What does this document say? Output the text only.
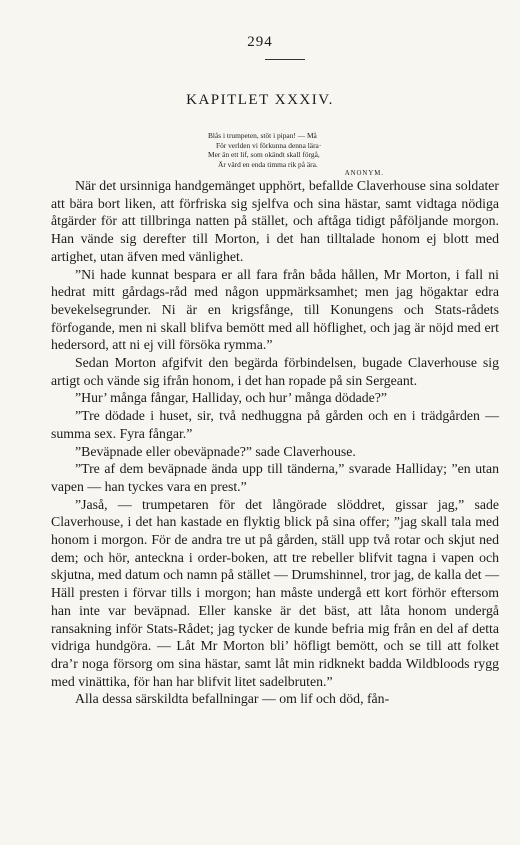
294
KAPITLET XXXIV.
Blås i trumpeten, stöt i pipan! — Må
För verlden vi förkunna denna lära·
Mer än ett lif, som okändt skall förgå,
Är värd en enda timma rik på ära.
ANONYM.

När det ursinniga handgemänget upphört, befallde Claverhouse sina soldater att bära bort liken, att förfriska sig sjelfva och sina hästar, samt vidtaga nödiga åtgärder för att tillbringa natten på stället, och aftåga tidigt påföljande morgon. Han vände sig derefter till Morton, i det han tilltalade honom ej blott med artighet, utan äfven med vänlighet.

”Ni hade kunnat bespara er all fara från båda hållen, Mr Morton, i fall ni hedrat mitt gårdags-råd med någon uppmärksamhet; men jag högaktar edra bevekelsegrunder. Ni är en krigsfånge, till Konungens och Stats-rådets förfogande, men ni skall blifva bemött med all höflighet, och jag är nöjd med ert hedersord, att ni ej vill försöka rymma.”

Sedan Morton afgifvit den begärda förbindelsen, bugade Claverhouse sig artigt och vände sig ifrån honom, i det han ropade på sin Sergeant.

”Hur’ många fångar, Halliday, och hur’ många dödade?”

”Tre dödade i huset, sir, två nedhuggna på gården och en i trädgården — summa sex. Fyra fångar.”

”Beväpnade eller obeväpnade?” sade Claverhouse.

”Tre af dem beväpnade ända upp till tänderna,” svarade Halliday; ”en utan vapen — han tyckes vara en prest.”

”Jaså, — trumpetaren för det långörade slöddret, gissar jag,” sade Claverhouse, i det han kastade en flyktig blick på sina offer; ”jag skall tala med honom i morgon. För de andra tre ut på gården, ställ upp två rotar och skjut ned dem; och hör, anteckna i order-boken, att tre rebeller blifvit tagna i vapen och skjutna, med datum och namn på stället — Drumshinnel, tror jag, de kalla det — Häll presten i förvar tills i morgon; han måste undergå ett kort förhör eftersom han inte var beväpnad. Eller kanske är det bäst, att låta honom undergå ransakning inför Stats-Rådet; jag tycker de kunde befria mig från en del af detta vidriga hundgöra. — Låt Mr Morton bli’ höfligt bemött, och se till att folket dra’r noga försorg om sina hästar, samt låt min ridknekt badda Wildbloods rygg med vinättika, för han har blifvit litet sadelbruten.”

Alla dessa särskildta befallningar — om lif och död, fån-
